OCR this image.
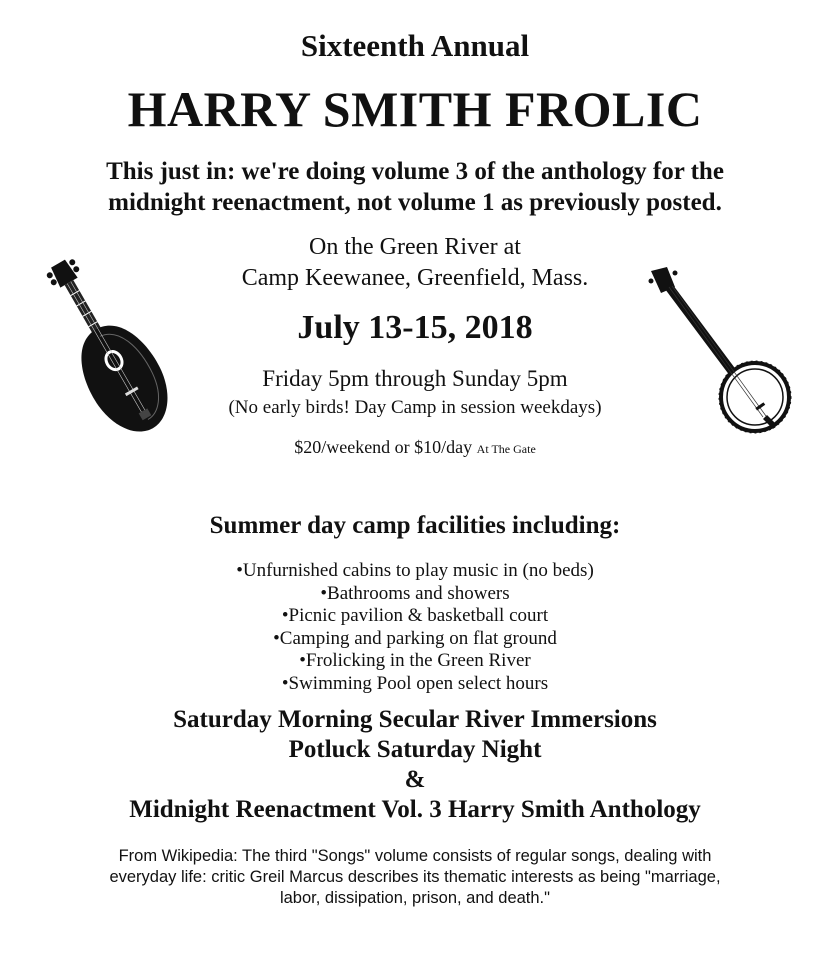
Sixteenth Annual
HARRY SMITH FROLIC
This just in: we're doing volume 3 of the anthology for the
midnight reenactment, not volume 1 as previously posted.
On the Green River at
Camp Keewanee, Greenfield, Mass.
July 13-15, 2018
Friday 5pm through Sunday 5pm
(No early birds! Day Camp in session weekdays)
$20/weekend or $10/day At The Gate
Summer day camp facilities including:
•Unfurnished cabins to play music in (no beds)
•Bathrooms and showers
•Picnic pavilion & basketball court
•Camping and parking on flat ground
•Frolicking in the Green River
•Swimming Pool open select hours
Saturday Morning Secular River Immersions
Potluck Saturday Night
&
Midnight Reenactment Vol. 3 Harry Smith Anthology
From Wikipedia: The third "Songs" volume consists of regular songs, dealing with
everyday life: critic Greil Marcus describes its thematic interests as being "marriage,
labor, dissipation, prison, and death."
